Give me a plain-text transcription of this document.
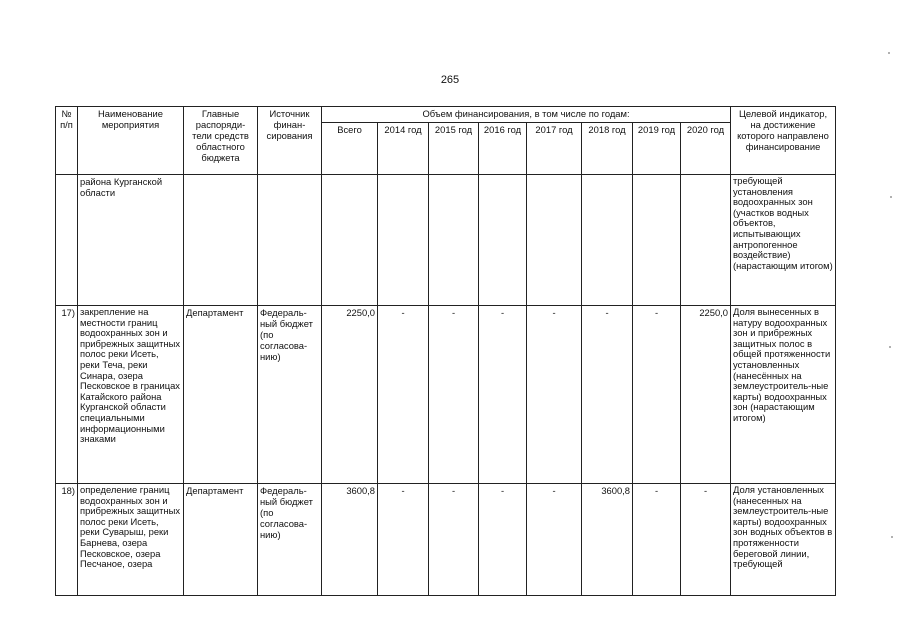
265
№ п/п	Наименование мероприятия	Главные распоряди-тели средств областного бюджета	Источник финан-сирования	Объем финансирования, в том числе по годам:								Целевой индикатор, на достижение которого направлено финансирование
				Всего	2014 год	2015 год	2016 год	2017 год	2018 год	2019 год	2020 год	
	района Курганской области											требующей установления водоохранных зон (участков водных объектов, испытывающих антропогенное воздействие) (нарастающим итогом)
17)	закрепление на местности границ водоохранных зон и прибрежных защитных полос реки Исеть, реки Теча, реки Синара, озера Песковское в границах Катайского района Курганской области специальными информационными знаками	Департамент	Федераль-ный бюджет (по согласова-нию)	2250,0	-	-	-	-	-	-	2250,0	Доля вынесенных в натуру водоохранных зон и прибрежных защитных полос в общей протяженности установленных (нанесённых на землеустроитель-ные карты) водоохранных зон (нарастающим итогом)
18)	определение границ водоохранных зон и прибрежных защитных полос реки Исеть, реки Суварыш, реки Барнева, озера Песковское, озера Песчаное, озера	Департамент	Федераль-ный бюджет (по согласова-нию)	3600,8	-	-	-	-	3600,8	-	-	Доля установленных (нанесенных на землеустроитель-ные карты) водоохранных зон водных объектов в протяженности береговой линии, требующей
